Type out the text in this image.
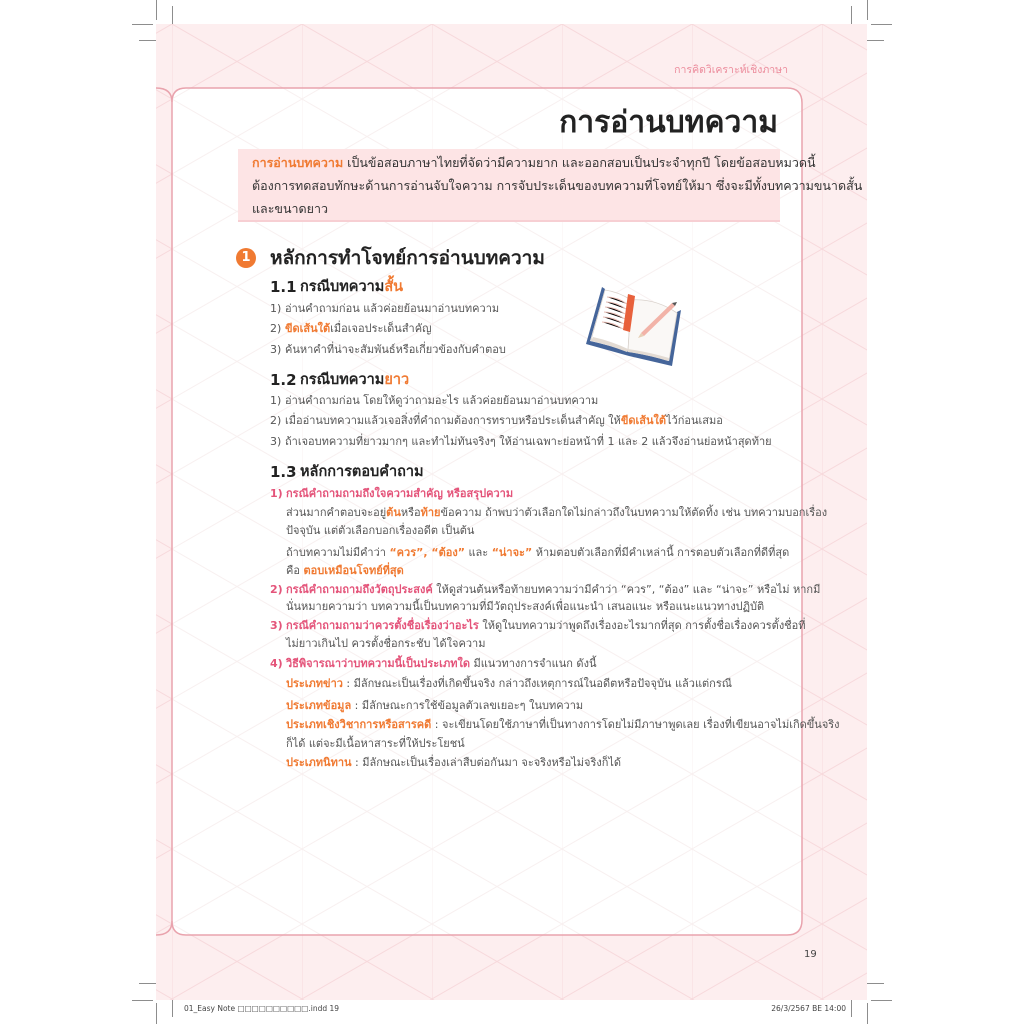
การคิดวิเคราะห์เชิงภาษา
การอ่านบทความ
การอ่านบทความ เป็นข้อสอบภาษาไทยที่จัดว่ามีความยาก และออกสอบเป็นประจำทุกปี โดยข้อสอบหมวดนี้
ต้องการทดสอบทักษะด้านการอ่านจับใจความ การจับประเด็นของบทความที่โจทย์ให้มา ซึ่งจะมีทั้งบทความขนาดสั้น
และขนาดยาว
1 หลักการทำโจทย์การอ่านบทความ
1.1 กรณีบทความสั้น
1) อ่านคำถามก่อน แล้วค่อยย้อนมาอ่านบทความ
2) ขีดเส้นใต้เมื่อเจอประเด็นสำคัญ
3) ค้นหาคำที่น่าจะสัมพันธ์หรือเกี่ยวข้องกับคำตอบ
1.2 กรณีบทความยาว
1) อ่านคำถามก่อน โดยให้ดูว่าถามอะไร แล้วค่อยย้อนมาอ่านบทความ
2) เมื่ออ่านบทความแล้วเจอสิ่งที่คำถามต้องการทราบหรือประเด็นสำคัญ ให้ขีดเส้นใต้ไว้ก่อนเสมอ
3) ถ้าเจอบทความที่ยาวมากๆ และทำไม่ทันจริงๆ ให้อ่านเฉพาะย่อหน้าที่ 1 และ 2 แล้วจึงอ่านย่อหน้าสุดท้าย
1.3 หลักการตอบคำถาม
1) กรณีคำถามถามถึงใจความสำคัญ หรือสรุปความ
ส่วนมากคำตอบจะอยู่ต้นหรือท้ายข้อความ ถ้าพบว่าตัวเลือกใดไม่กล่าวถึงในบทความให้ตัดทิ้ง เช่น บทความบอกเรื่อง
ปัจจุบัน แต่ตัวเลือกบอกเรื่องอดีต เป็นต้น
ถ้าบทความไม่มีคำว่า “ควร”, “ต้อง” และ “น่าจะ” ห้ามตอบตัวเลือกที่มีคำเหล่านี้ การตอบตัวเลือกที่ดีที่สุด
คือ ตอบเหมือนโจทย์ที่สุด
2) กรณีคำถามถามถึงวัตถุประสงค์ ให้ดูส่วนต้นหรือท้ายบทความว่ามีคำว่า “ควร”, “ต้อง” และ “น่าจะ” หรือไม่ หากมี
นั่นหมายความว่า บทความนี้เป็นบทความที่มีวัตถุประสงค์เพื่อแนะนำ เสนอแนะ หรือแนะแนวทางปฏิบัติ
3) กรณีคำถามถามว่าควรตั้งชื่อเรื่องว่าอะไร ให้ดูในบทความว่าพูดถึงเรื่องอะไรมากที่สุด การตั้งชื่อเรื่องควรตั้งชื่อที่
ไม่ยาวเกินไป ควรตั้งชื่อกระชับ ได้ใจความ
4) วิธีพิจารณาว่าบทความนี้เป็นประเภทใด มีแนวทางการจำแนก ดังนี้
ประเภทข่าว : มีลักษณะเป็นเรื่องที่เกิดขึ้นจริง กล่าวถึงเหตุการณ์ในอดีตหรือปัจจุบัน แล้วแต่กรณี
ประเภทข้อมูล : มีลักษณะการใช้ข้อมูลตัวเลขเยอะๆ ในบทความ
ประเภทเชิงวิชาการหรือสารคดี : จะเขียนโดยใช้ภาษาที่เป็นทางการโดยไม่มีภาษาพูดเลย เรื่องที่เขียนอาจไม่เกิดขึ้นจริง
ก็ได้ แต่จะมีเนื้อหาสาระที่ให้ประโยชน์
ประเภทนิทาน : มีลักษณะเป็นเรื่องเล่าสืบต่อกันมา จะจริงหรือไม่จริงก็ได้
19
01_Easy Note □□□□□□□□□□.indd 19	26/3/2567 BE 14:00
